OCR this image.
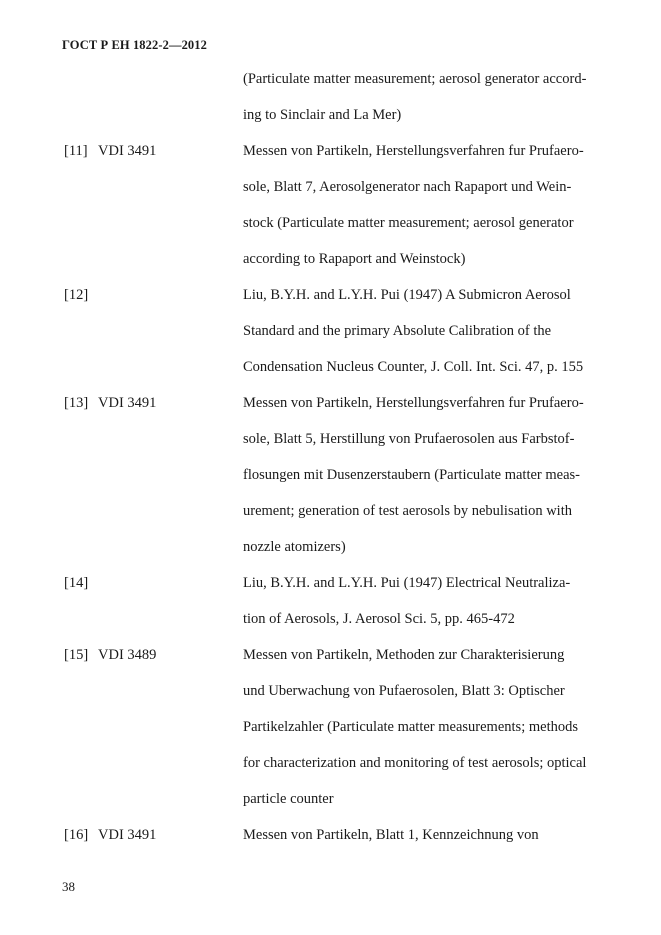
ГОСТ Р ЕН 1822-2—2012
(Particulate matter measurement; aerosol generator accord-
ing to Sinclair and La Mer)
[11] VDI 3491	Messen von Partikeln, Herstellungsverfahren fur Prufaero-
sole, Blatt 7, Aerosolgenerator nach Rapaport und Wein-
stock (Particulate matter measurement; aerosol generator
according to Rapaport and Weinstock)
[12]	Liu, B.Y.H. and L.Y.H. Pui (1947) A Submicron Aerosol
Standard and the primary Absolute Calibration of the
Condensation Nucleus Counter, J. Coll. Int. Sci. 47, p. 155
[13] VDI 3491	Messen von Partikeln, Herstellungsverfahren fur Prufaero-
sole, Blatt 5, Herstillung von Prufaerosolen aus Farbstof-
flosungen mit Dusenzerstaubern (Particulate matter meas-
urement; generation of test aerosols by nebulisation with
nozzle atomizers)
[14]	Liu, B.Y.H. and L.Y.H. Pui (1947) Electrical Neutraliza-
tion of Aerosols, J. Aerosol Sci. 5, pp. 465-472
[15] VDI 3489	Messen von Partikeln, Methoden zur Charakterisierung
und Uberwachung von Pufaerosolen, Blatt 3: Optischer
Partikelzahler (Particulate matter measurements; methods
for characterization and monitoring of test aerosols; optical
particle counter
[16] VDI 3491	Messen von Partikeln, Blatt 1, Kennzeichnung von
38
